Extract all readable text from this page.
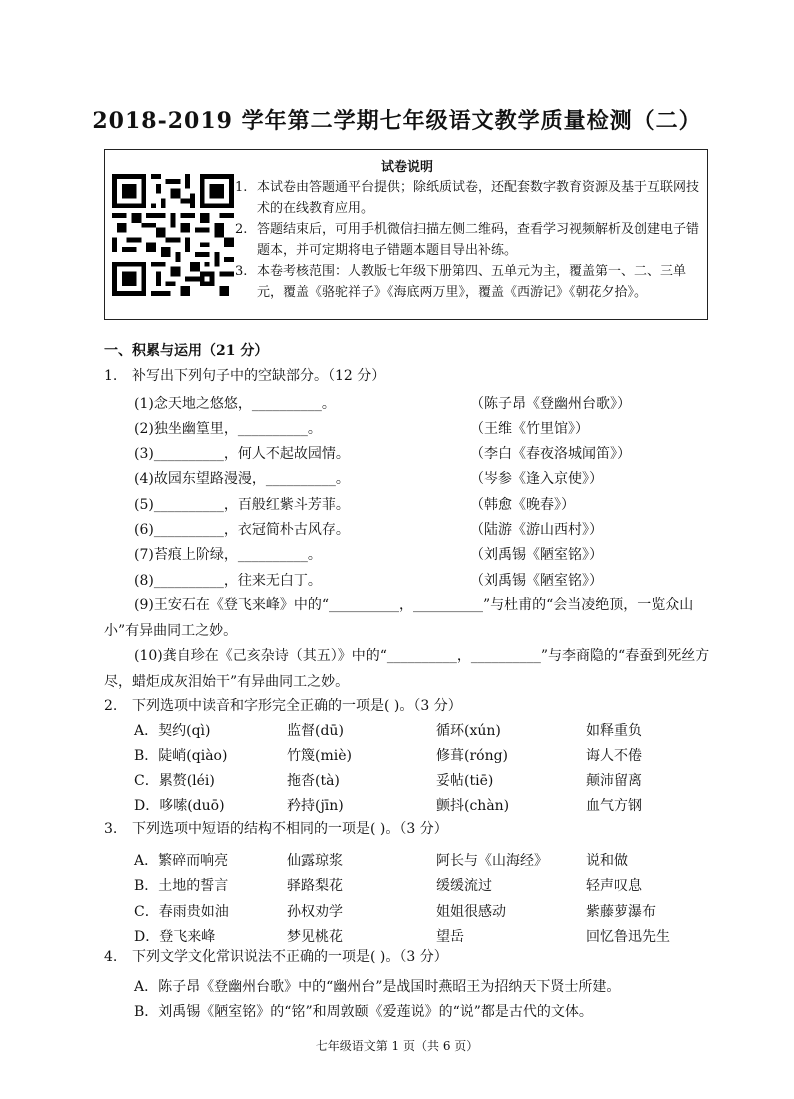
2018-2019 学年第二学期七年级语文教学质量检测（二）
试卷说明
1. 本试卷由答题通平台提供；除纸质试卷，还配套数字教育资源及基于互联网技术的在线教育应用。
2. 答题结束后，可用手机微信扫描左侧二维码，查看学习视频解析及创建电子错题本，并可定期将电子错题本题目导出补练。
3. 本卷考核范围：人教版七年级下册第四、五单元为主，覆盖第一、二、三单元，覆盖《骆驼祥子》《海底两万里》，覆盖《西游记》《朝花夕拾》。
一、积累与运用（21 分）
1. 补写出下列句子中的空缺部分。（12 分）
(1)念天地之悠悠，__________。	（陈子昂《登幽州台歌》）
(2)独坐幽篁里，__________。	（王维《竹里馆》）
(3)__________，何人不起故园情。	（李白《春夜洛城闻笛》）
(4)故园东望路漫漫，__________。	（岑参《逢入京使》）
(5)__________，百般红紫斗芳菲。	（韩愈《晚春》）
(6)__________，衣冠简朴古风存。	（陆游《游山西村》）
(7)苔痕上阶绿，__________。	（刘禹锡《陋室铭》）
(8)__________，往来无白丁。	（刘禹锡《陋室铭》）
(9)王安石在《登飞来峰》中的“__________，__________”与杜甫的“会当凌绝顶，一览众山小”有异曲同工之妙。
(10)龚自珍在《己亥杂诗（其五）》中的“__________，__________”与李商隐的“春蚕到死丝方尽，蜡炬成灰泪始干”有异曲同工之妙。
2. 下列选项中读音和字形完全正确的一项是( )。（3 分）
A．契约(qì)	监督(dū)	循环(xún)	如释重负
B．陡峭(qiào)	竹篾(miè)	修葺(róng)	诲人不倦
C．累赘(léi)	拖沓(tà)	妥帖(tiē)	颠沛留离
D．哆嗦(duō)	矜持(jīn)	颤抖(chàn)	血气方钢
3. 下列选项中短语的结构不相同的一项是( )。（3 分）
A．繁碎而响亮	仙露琼浆	阿长与《山海经》	说和做
B．土地的誓言	驿路梨花	缓缓流过	轻声叹息
C．春雨贵如油	孙权劝学	姐姐很感动	紫藤萝瀑布
D．登飞来峰	梦见桃花	望岳	回忆鲁迅先生
4. 下列文学文化常识说法不正确的一项是( )。（3 分）
A．陈子昂《登幽州台歌》中的“幽州台”是战国时燕昭王为招纳天下贤士所建。
B．刘禹锡《陋室铭》的“铭”和周敦颐《爱莲说》的“说”都是古代的文体。
七年级语文第 1 页（共 6 页）
